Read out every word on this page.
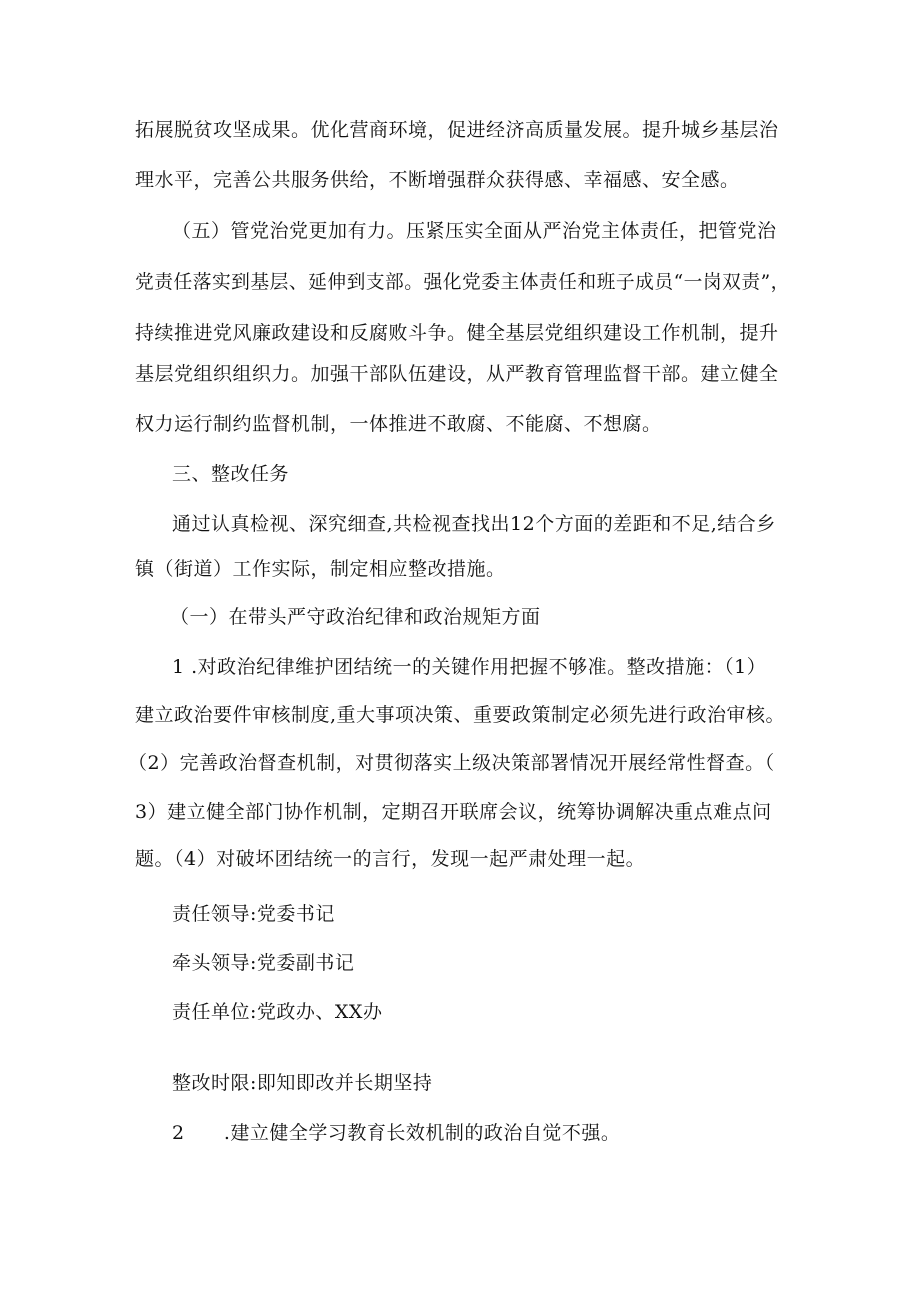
拓展脱贫攻坚成果。优化营商环境，促进经济高质量发展。提升城乡基层治
理水平，完善公共服务供给，不断增强群众获得感、幸福感、安全感。
（五）管党治党更加有力。压紧压实全面从严治党主体责任，把管党治
党责任落实到基层、延伸到支部。强化党委主体责任和班子成员“一岗双责”，
持续推进党风廉政建设和反腐败斗争。健全基层党组织建设工作机制，提升
基层党组织组织力。加强干部队伍建设，从严教育管理监督干部。建立健全
权力运行制约监督机制，一体推进不敢腐、不能腐、不想腐。
三、整改任务
通过认真检视、深究细查,共检视查找出12个方面的差距和不足,结合乡
镇（街道）工作实际，制定相应整改措施。
（一）在带头严守政治纪律和政治规矩方面
1 .对政治纪律维护团结统一的关键作用把握不够准。整改措施：（1）
建立政治要件审核制度,重大事项决策、重要政策制定必须先进行政治审核。
（2）完善政治督查机制，对贯彻落实上级决策部署情况开展经常性督查。（
3）建立健全部门协作机制，定期召开联席会议，统筹协调解决重点难点问
题。（4）对破坏团结统一的言行，发现一起严肃处理一起。
责任领导:党委书记
牵头领导:党委副书记
责任单位:党政办、XX办
整改时限:即知即改并长期坚持
2      .建立健全学习教育长效机制的政治自觉不强。
